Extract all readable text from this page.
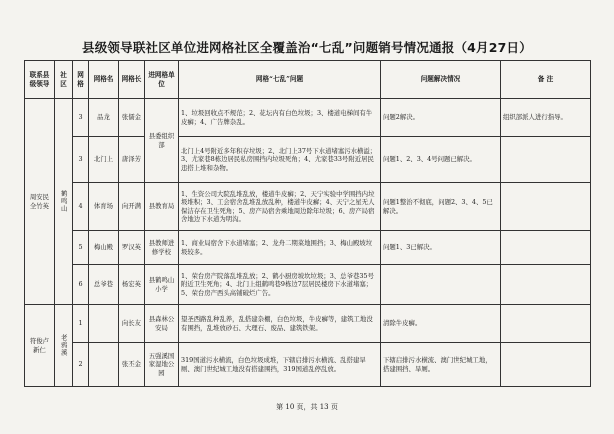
县级领导联社区单位进网格社区全覆盖治“七乱”问题销号情况通报（4月27日）
联系县级领导	社区	网格	网格名	网格长	进网格单位	网格“七乱”问题	问题解决情况	备 注
周安民全竹英	鹤鸣山	3	品龙	张儒金	县委组织部	1、垃圾回收点不规范；2、花坛内有白色垃圾；3、楼道电梯间有牛皮癣；4、广告牌杂乱。	问题2解决。	组织部派人进行指导。
		3	北门上	唐泽芳		北门上4号附近多年积存垃圾；2、北门上37号下水道堵塞污水横溢；3、尤家巷8栋边居民私房围挡内垃圾死角；4、尤家巷33号附近居民违搭上堆和杂物。	问题1、2、3、4号问题已解决。	
		4	体育场	向开满	县教育局	1、生资公司大院乱堆乱放，楼道牛皮癣；2、天宁实验中学围挡内垃圾堆积；3、工会宿舍乱堆乱放乱种，楼道牛皮癣；4、天宁之星无人保洁存在卫生死角；5、房产局宿舍乘地周边除年垃圾；6、房产局宿舍地边下水道为明沟。	问题1整治不彻底，问题2、3、4、5已解决。	
		5	梅山殿	罗汉英	县教师进修学校	1、商业局宿舍下水道堵塞；2、龙舟二期菜地围挡；3、梅山殿坡垃圾较多。	问题1、3已解决。	
		6	总爷巷	杨宏英	县鹤鸣山小学	1、荣台房产院落乱堆乱放；2、鹤小厨房坡坎垃圾；3、总爷巷35号附近卫生死角；4、北门上组鹤鸣巷9栋边7层居民楼房下水道堵塞；5、荣台房产西头高铺破烂广告。		
符俊卢新仁	老鸦溪	1		向长友	县森林公安局	望圣西路乱种乱养，乱搭建杂棚，白色垃圾，牛皮癣等，建筑工地没有围挡，乱堆放砂石、大理石、废品、建筑铁架。	清除牛皮癣。	
		2		张丕金	五强溪国家湿地公园	319国道污水横流，白色垃圾成堆，下辖启排污水横流、乱搭建旱厕、澳门世纪城工地没有搭建围挡，319国道乱停乱放。	下辖启排污水横流、澳门世纪城工地，搭建围挡、旱厕。	
第 10 页，共 13 页
